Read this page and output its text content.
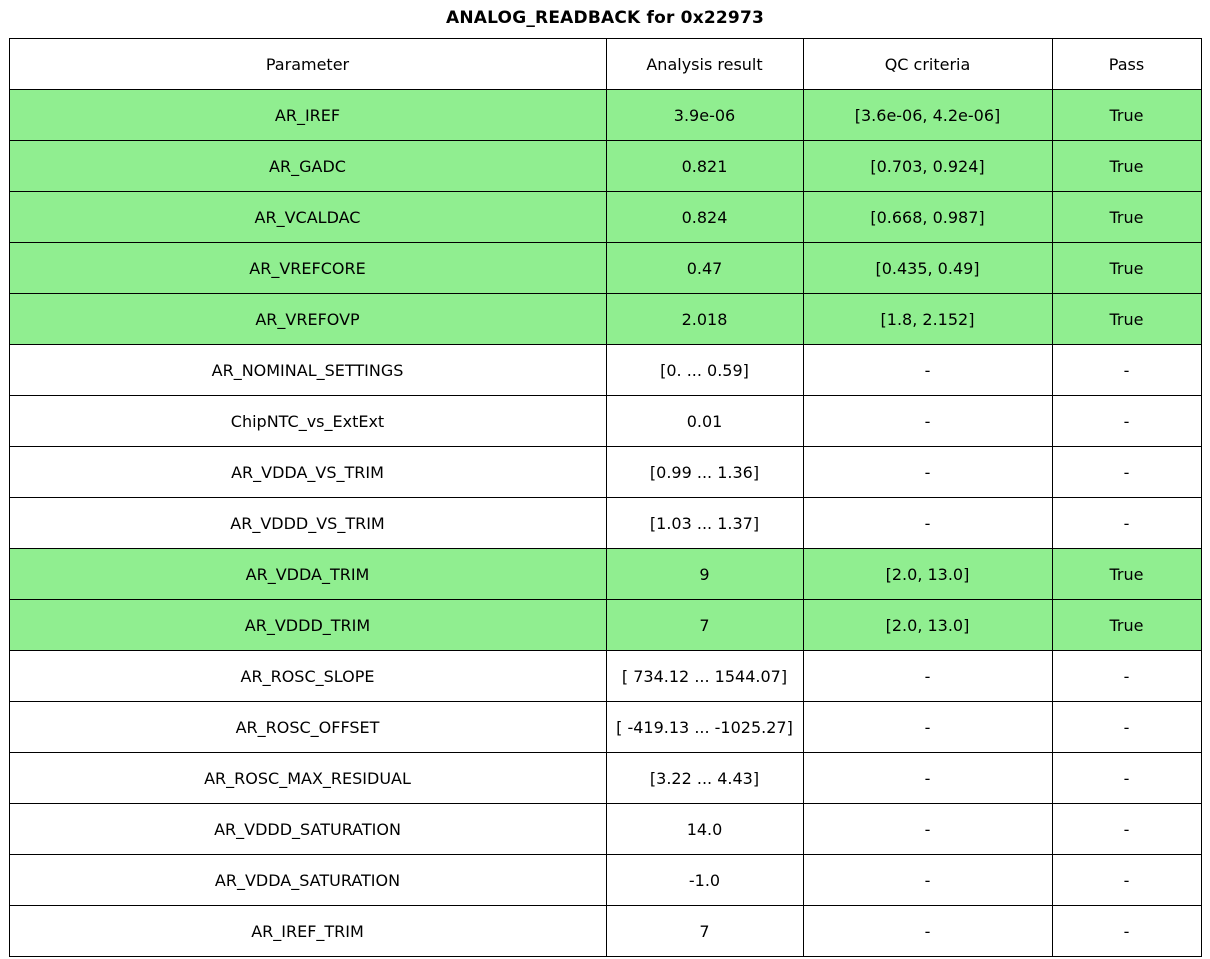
ANALOG_READBACK for 0x22973
Parameter	Analysis result	QC criteria	Pass
AR_IREF	3.9e-06	[3.6e-06, 4.2e-06]	True
AR_GADC	0.821	[0.703, 0.924]	True
AR_VCALDAC	0.824	[0.668, 0.987]	True
AR_VREFCORE	0.47	[0.435, 0.49]	True
AR_VREFOVP	2.018	[1.8, 2.152]	True
AR_NOMINAL_SETTINGS	[0. ... 0.59]	-	-
ChipNTC_vs_ExtExt	0.01	-	-
AR_VDDA_VS_TRIM	[0.99 ... 1.36]	-	-
AR_VDDD_VS_TRIM	[1.03 ... 1.37]	-	-
AR_VDDA_TRIM	9	[2.0, 13.0]	True
AR_VDDD_TRIM	7	[2.0, 13.0]	True
AR_ROSC_SLOPE	[ 734.12 ... 1544.07]	-	-
AR_ROSC_OFFSET	[ -419.13 ... -1025.27]	-	-
AR_ROSC_MAX_RESIDUAL	[3.22 ... 4.43]	-	-
AR_VDDD_SATURATION	14.0	-	-
AR_VDDA_SATURATION	-1.0	-	-
AR_IREF_TRIM	7	-	-
